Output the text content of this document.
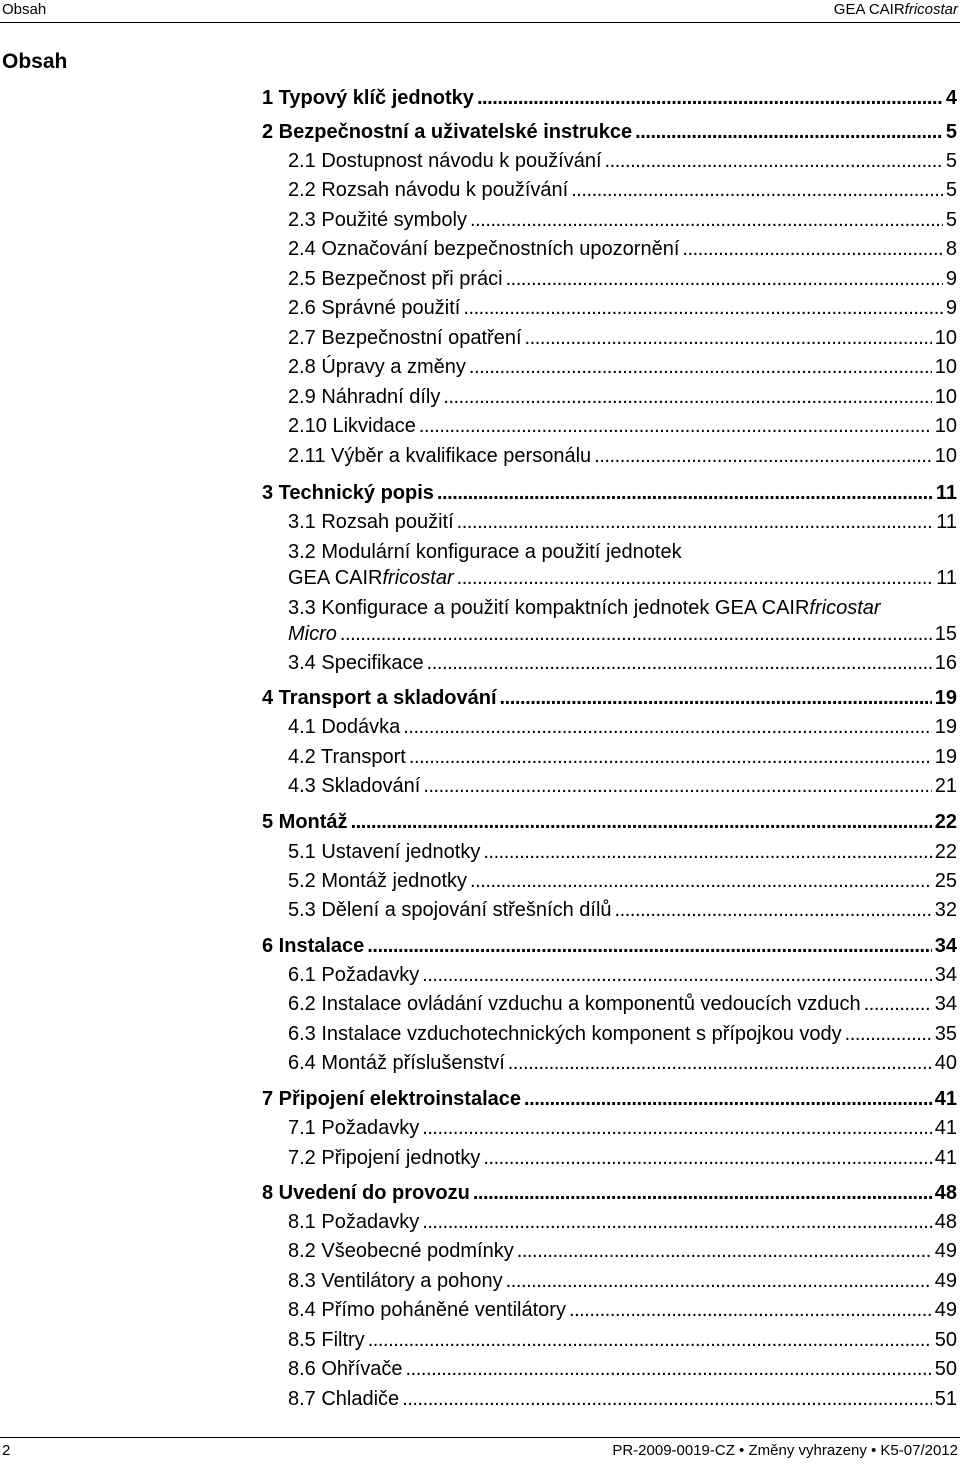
Obsah	GEA CAIRfricostar
Obsah
1 Typový klíč jednotky . . .	4
2 Bezpečnostní a uživatelské instrukce . . .	5
2.1 Dostupnost návodu k používání . . .	5
2.2 Rozsah návodu k používání . . .	5
2.3 Použité symboly . . .	5
2.4 Označování bezpečnostních upozornění . . .	8
2.5 Bezpečnost při práci . . .	9
2.6 Správné použití . . .	9
2.7 Bezpečnostní opatření . . .	10
2.8 Úpravy a změny . . .	10
2.9 Náhradní díly . . .	10
2.10 Likvidace . . .	10
2.11 Výběr a kvalifikace personálu . . .	10
3 Technický popis . . .	11
3.1 Rozsah použití . . .	11
3.2 Modulární konfigurace a použití jednotek
GEA CAIRfricostar . . .	11
3.3 Konfigurace a použití kompaktních jednotek GEA CAIRfricostar
Micro . . .	15
3.4 Specifikace . . .	16
4 Transport a skladování . . .	19
4.1 Dodávka . . .	19
4.2 Transport . . .	19
4.3 Skladování . . .	21
5 Montáž . . .	22
5.1 Ustavení jednotky . . .	22
5.2 Montáž jednotky . . .	25
5.3 Dělení a spojování střešních dílů . . .	32
6 Instalace . . .	34
6.1 Požadavky . . .	34
6.2 Instalace ovládání vzduchu a komponentů vedoucích vzduch . . .	34
6.3 Instalace vzduchotechnických komponent s přípojkou vody . . .	35
6.4 Montáž příslušenství . . .	40
7 Připojení elektroinstalace . . .	41
7.1 Požadavky . . .	41
7.2 Připojení jednotky . . .	41
8 Uvedení do provozu . . .	48
8.1 Požadavky . . .	48
8.2 Všeobecné podmínky . . .	49
8.3 Ventilátory a pohony . . .	49
8.4 Přímo poháněné ventilátory . . .	49
8.5 Filtry . . .	50
8.6 Ohřívače . . .	50
8.7 Chladiče . . .	51
2	PR-2009-0019-CZ • Změny vyhrazeny • K5-07/2012
